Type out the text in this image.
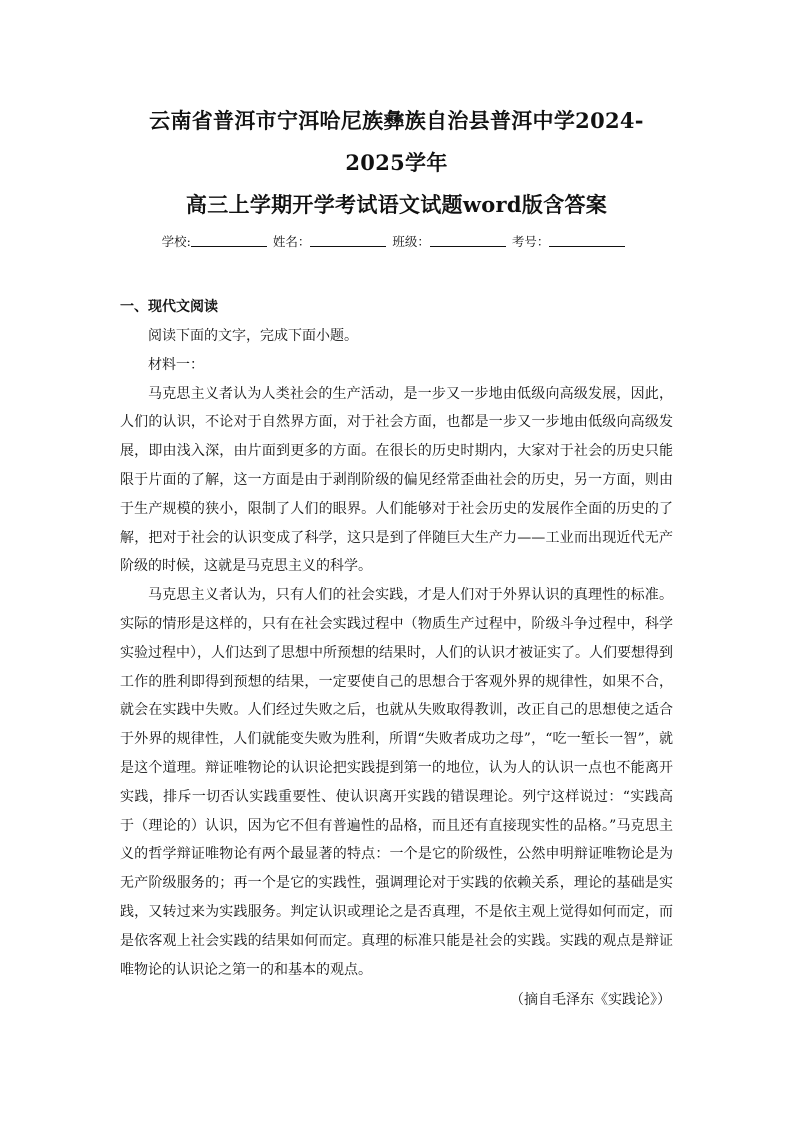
云南省普洱市宁洱哈尼族彝族自治县普洱中学2024-2025学年
高三上学期开学考试语文试题word版含答案
学校:	姓名：	班级：	考号：
一、现代文阅读

阅读下面的文字，完成下面小题。

材料一：

马克思主义者认为人类社会的生产活动，是一步又一步地由低级向高级发展，因此，人们的认识，不论对于自然界方面，对于社会方面，也都是一步又一步地由低级向高级发展，即由浅入深，由片面到更多的方面。在很长的历史时期内，大家对于社会的历史只能限于片面的了解，这一方面是由于剥削阶级的偏见经常歪曲社会的历史，另一方面，则由于生产规模的狭小，限制了人们的眼界。人们能够对于社会历史的发展作全面的历史的了解，把对于社会的认识变成了科学，这只是到了伴随巨大生产力——工业而出现近代无产阶级的时候，这就是马克思主义的科学。

马克思主义者认为，只有人们的社会实践，才是人们对于外界认识的真理性的标准。实际的情形是这样的，只有在社会实践过程中（物质生产过程中，阶级斗争过程中，科学实验过程中），人们达到了思想中所预想的结果时，人们的认识才被证实了。人们要想得到工作的胜利即得到预想的结果，一定要使自己的思想合于客观外界的规律性，如果不合，就会在实践中失败。人们经过失败之后，也就从失败取得教训，改正自己的思想使之适合于外界的规律性，人们就能变失败为胜利，所谓“失败者成功之母”，“吃一堑长一智”，就是这个道理。辩证唯物论的认识论把实践提到第一的地位，认为人的认识一点也不能离开实践，排斥一切否认实践重要性、使认识离开实践的错误理论。列宁这样说过：“实践高于（理论的）认识，因为它不但有普遍性的品格，而且还有直接现实性的品格。”马克思主义的哲学辩证唯物论有两个最显著的特点：一个是它的阶级性，公然申明辩证唯物论是为无产阶级服务的；再一个是它的实践性，强调理论对于实践的依赖关系，理论的基础是实践，又转过来为实践服务。判定认识或理论之是否真理，不是依主观上觉得如何而定，而是依客观上社会实践的结果如何而定。真理的标准只能是社会的实践。实践的观点是辩证唯物论的认识论之第一的和基本的观点。

（摘自毛泽东《实践论》）
